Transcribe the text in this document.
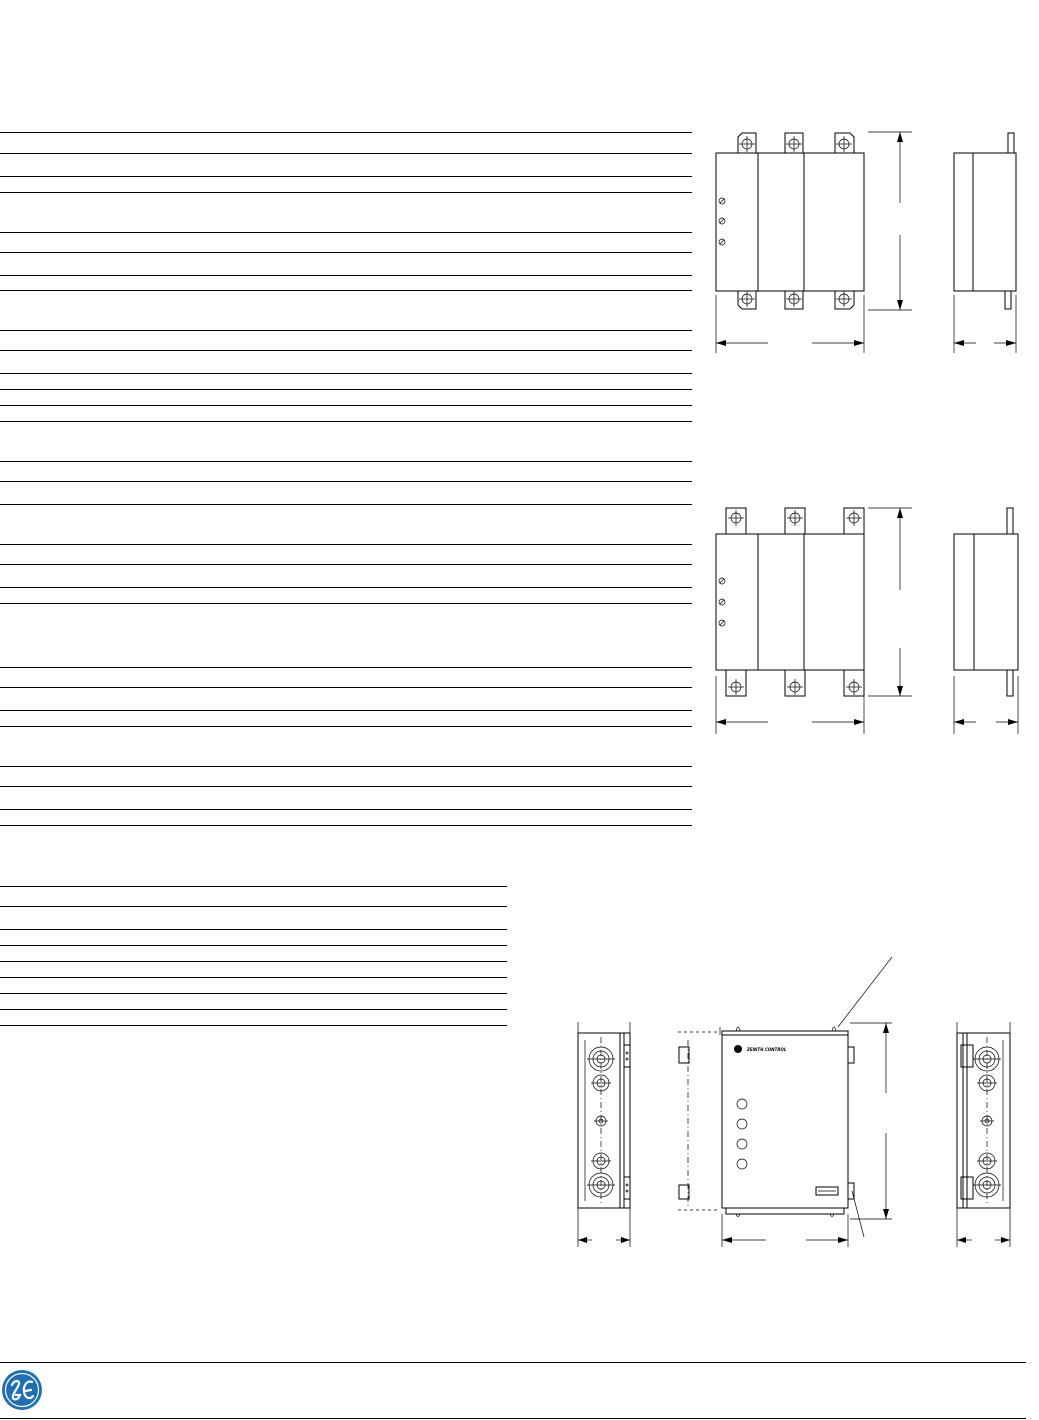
ZENITH CONTROL
